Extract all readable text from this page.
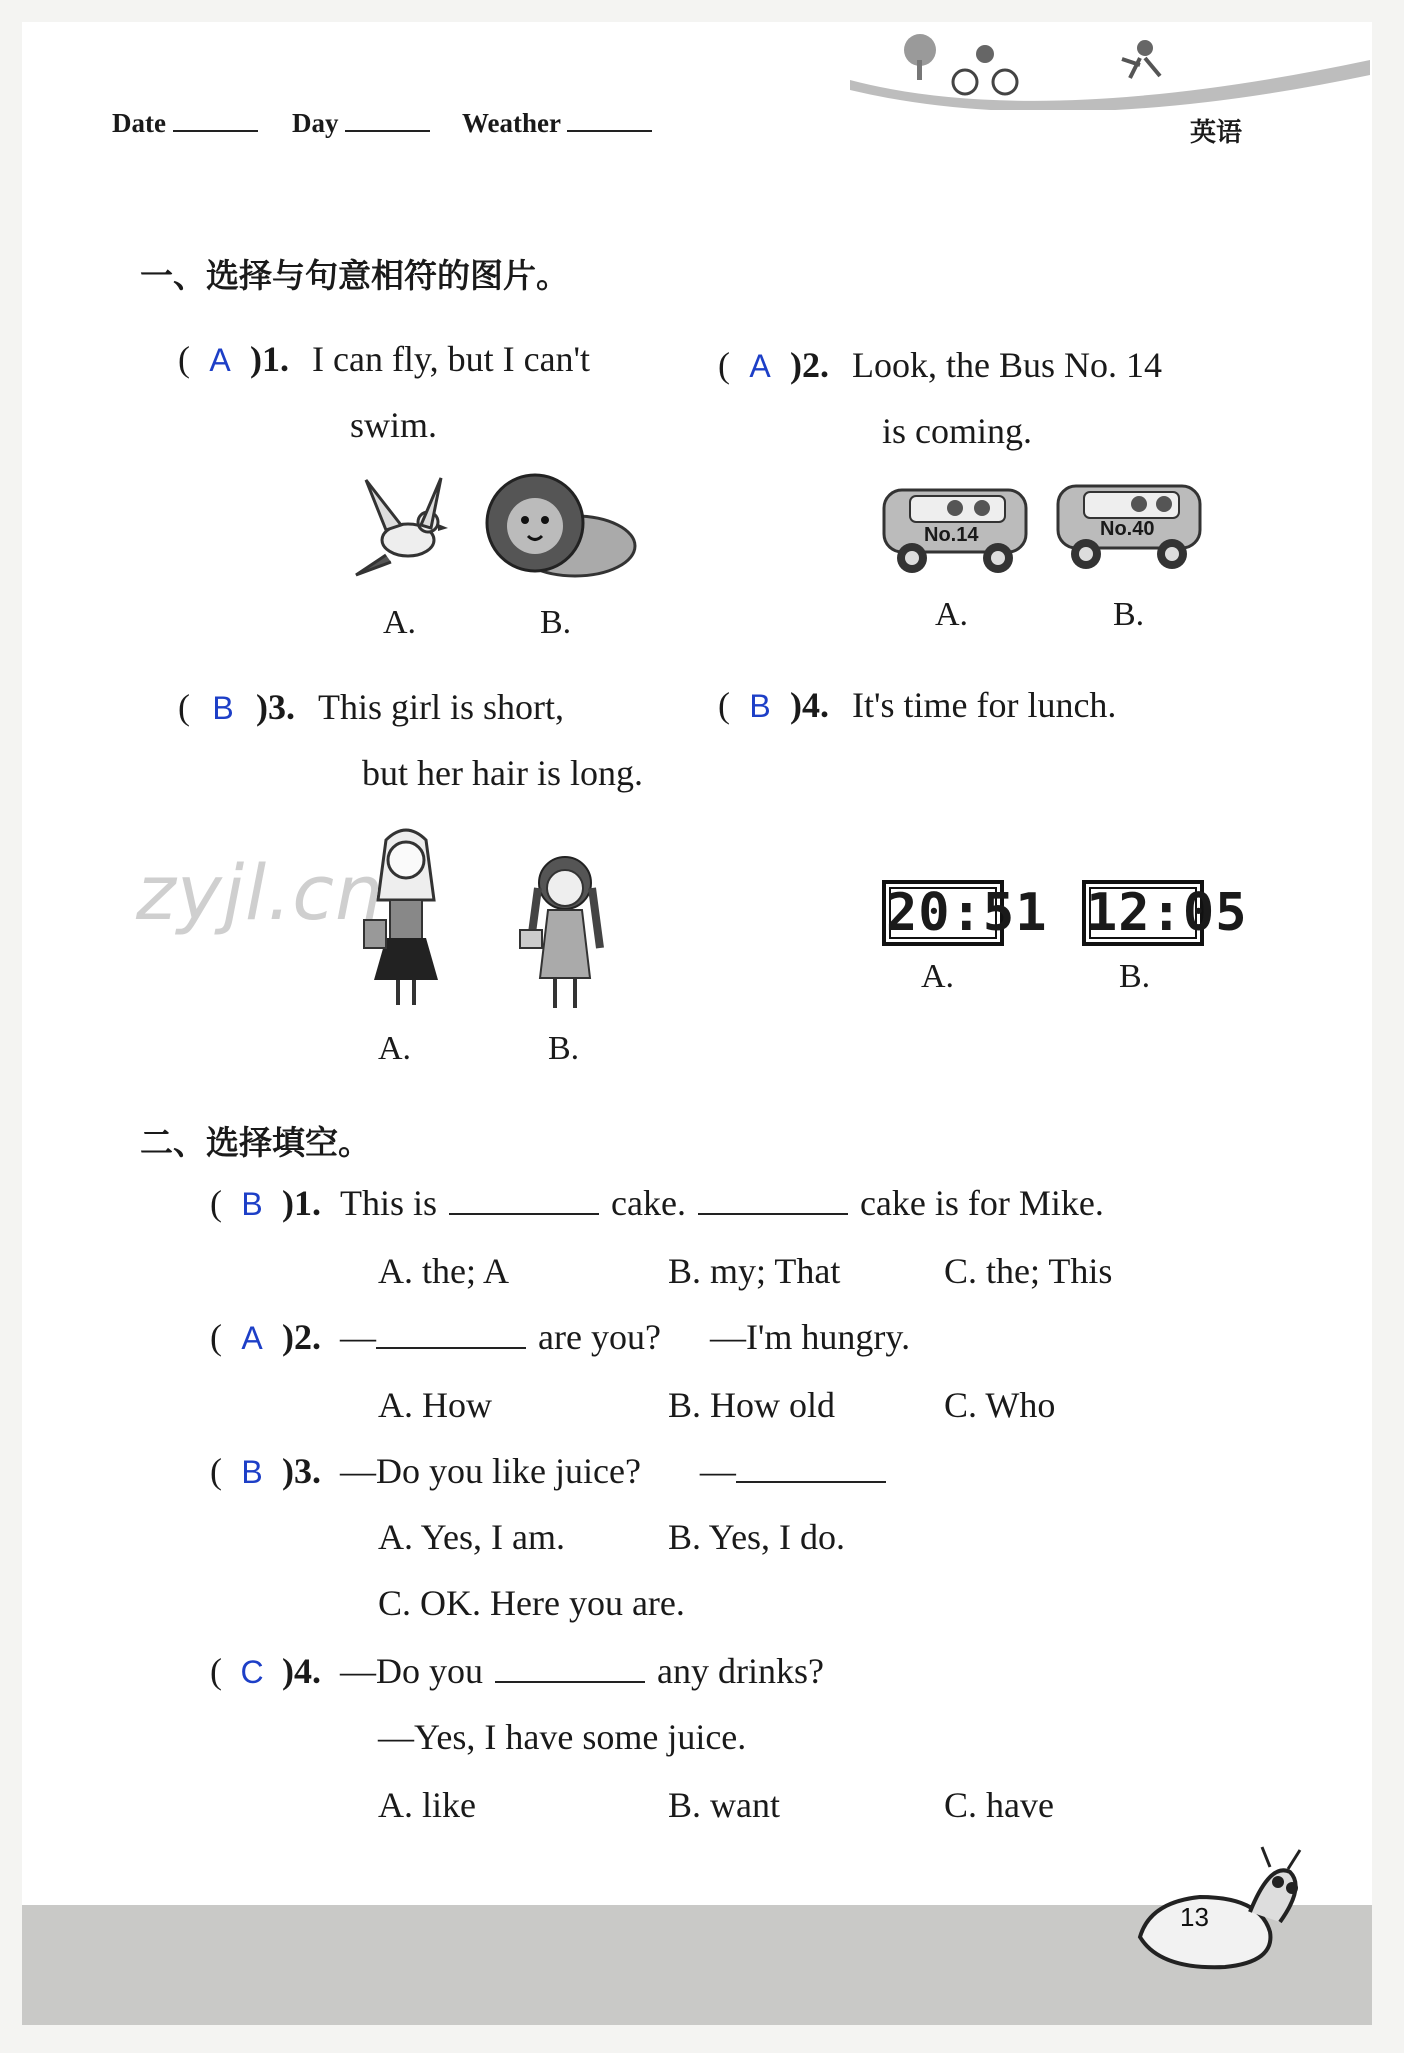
Date	Day	Weather	英语
一、选择与句意相符的图片。
( A )1. I can fly, but I can't
swim.
A.	B.
( A )2. Look, the Bus No. 14
is coming.
No.14	No.40
A.	B.
( B )3. This girl is short,
but her hair is long.
A.	B.
zyjl.cn
( B )4. It's time for lunch.
20:51 12:05
A.	B.
二、选择填空。
( B )1. This is	cake.	cake is for Mike.
A. the; A	B. my; That	C. the; This
( A )2. —	are you? —I'm hungry.
A. How	B. How old	C. Who
( B )3. —Do you like juice? —
A. Yes, I am.	B. Yes, I do.
C. OK. Here you are.
( C )4. —Do you	any drinks?
—Yes, I have some juice.
A. like	B. want	C. have
13
